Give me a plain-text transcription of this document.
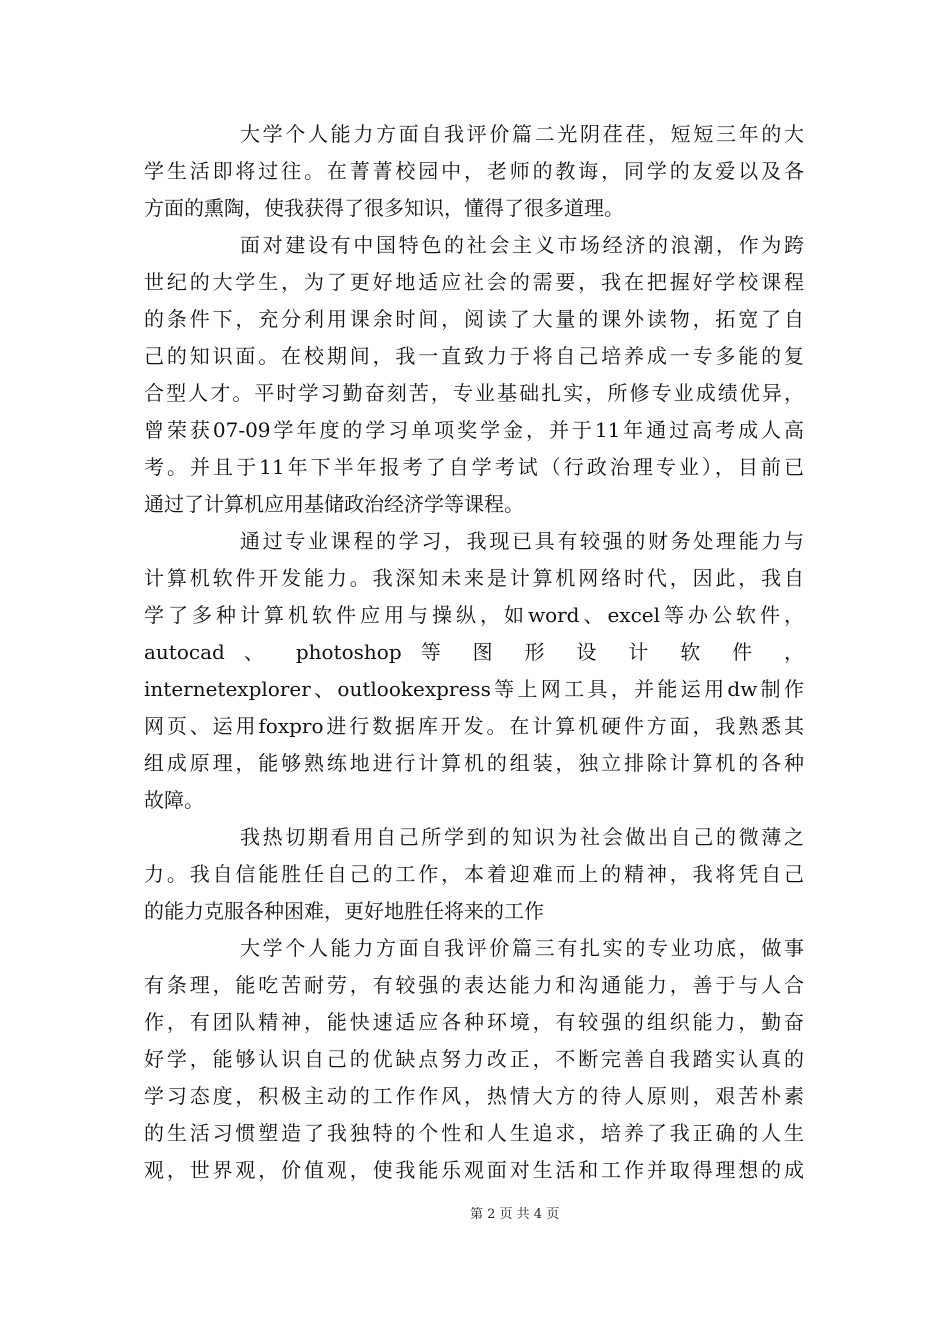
大学个人能力方面自我评价篇二光阴荏荏，短短三年的大
学生活即将过往。在菁菁校园中，老师的教诲，同学的友爱以及各
方面的熏陶，使我获得了很多知识，懂得了很多道理。
面对建设有中国特色的社会主义市场经济的浪潮，作为跨
世纪的大学生，为了更好地适应社会的需要，我在把握好学校课程
的条件下，充分利用课余时间，阅读了大量的课外读物，拓宽了自
己的知识面。在校期间，我一直致力于将自己培养成一专多能的复
合型人才。平时学习勤奋刻苦，专业基础扎实，所修专业成绩优异，
曾荣获07-09学年度的学习单项奖学金，并于11年通过高考成人高
考。并且于11年下半年报考了自学考试（行政治理专业），目前已
通过了计算机应用基储政治经济学等课程。
通过专业课程的学习，我现已具有较强的财务处理能力与
计算机软件开发能力。我深知未来是计算机网络时代，因此，我自
学了多种计算机软件应用与操纵，如word、excel等办公软件，
autocad 、 photoshop 等 图 形 设 计 软 件 ，
internetexplorer、outlookexpress等上网工具，并能运用dw制作
网页、运用foxpro进行数据库开发。在计算机硬件方面，我熟悉其
组成原理，能够熟练地进行计算机的组装，独立排除计算机的各种
故障。
我热切期看用自己所学到的知识为社会做出自己的微薄之
力。我自信能胜任自己的工作，本着迎难而上的精神，我将凭自己
的能力克服各种困难，更好地胜任将来的工作
大学个人能力方面自我评价篇三有扎实的专业功底，做事
有条理，能吃苦耐劳，有较强的表达能力和沟通能力，善于与人合
作，有团队精神，能快速适应各种环境，有较强的组织能力，勤奋
好学，能够认识自己的优缺点努力改正，不断完善自我踏实认真的
学习态度，积极主动的工作作风，热情大方的待人原则，艰苦朴素
的生活习惯塑造了我独特的个性和人生追求，培养了我正确的人生
观，世界观，价值观，使我能乐观面对生活和工作并取得理想的成
第 2 页 共 4 页
